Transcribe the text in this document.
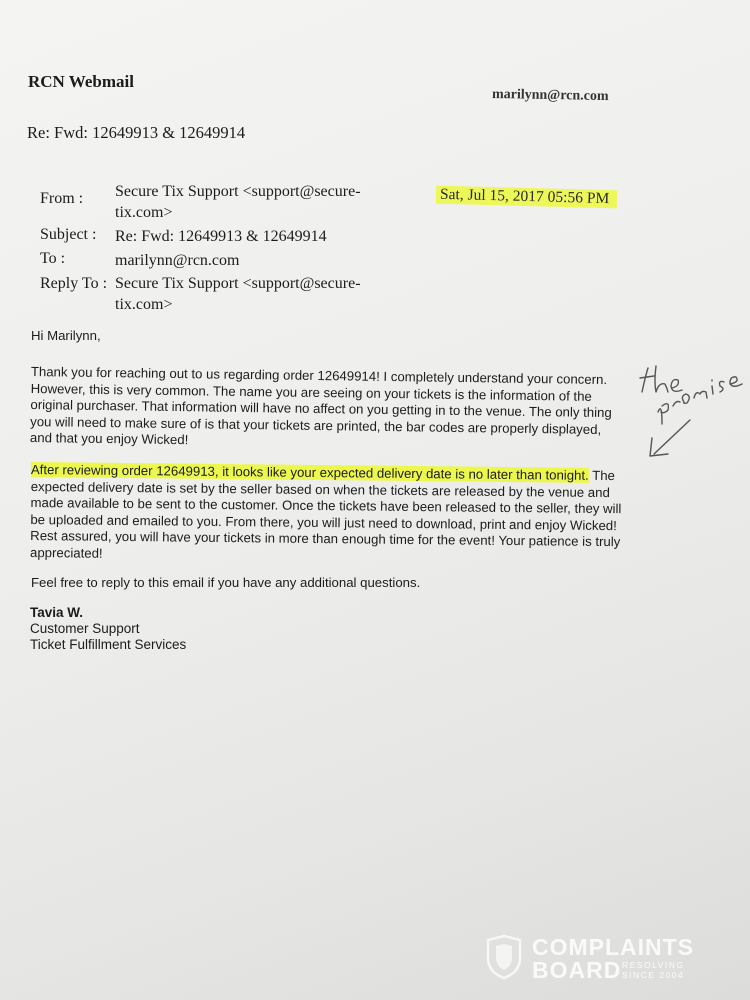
RCN Webmail
marilynn@rcn.com
Re: Fwd: 12649913 & 12649914
From : Secure Tix Support <support@secure-tix.com>
Subject : Re: Fwd: 12649913 & 12649914
To :	marilynn@rcn.com
Reply To : Secure Tix Support <support@secure-tix.com>
Sat, Jul 15, 2017 05:56 PM
Hi Marilynn,
Thank you for reaching out to us regarding order 12649914! I completely understand your concern. However, this is very common. The name you are seeing on your tickets is the information of the original purchaser. That information will have no affect on you getting in to the venue. The only thing you will need to make sure of is that your tickets are printed, the bar codes are properly displayed, and that you enjoy Wicked!
After reviewing order 12649913, it looks like your expected delivery date is no later than tonight. The expected delivery date is set by the seller based on when the tickets are released by the venue and made available to be sent to the customer. Once the tickets have been released to the seller, they will be uploaded and emailed to you. From there, you will just need to download, print and enjoy Wicked! Rest assured, you will have your tickets in more than enough time for the event! Your patience is truly appreciated!
Feel free to reply to this email if you have any additional questions.
Tavia W.
Customer Support
Ticket Fulfillment Services
COMPLAINTS
BOARD RESOLVING SINCE 2004
